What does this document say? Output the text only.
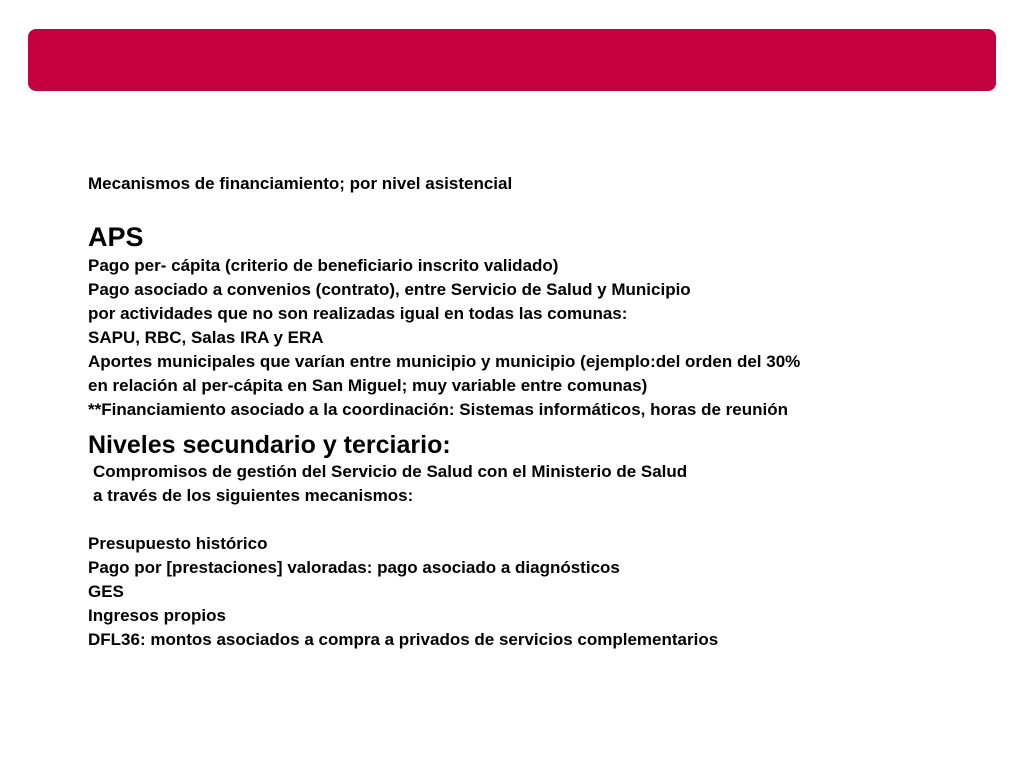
Mecanismos de financiamiento; por nivel asistencial

APS

Pago per- cápita (criterio de beneficiario inscrito validado)

Pago asociado a convenios (contrato), entre Servicio de Salud y Municipio

por actividades que no son realizadas igual en todas las comunas:

SAPU, RBC, Salas IRA y ERA

Aportes municipales que varían entre municipio y municipio (ejemplo:del orden del 30%

en relación al per-cápita en San Miguel; muy variable entre comunas)

**Financiamiento asociado a la coordinación: Sistemas informáticos, horas de reunión

Niveles secundario y terciario:

Compromisos de gestión del Servicio de Salud con el Ministerio de Salud

a través de los siguientes mecanismos:

Presupuesto histórico

Pago por [prestaciones] valoradas: pago asociado a diagnósticos

GES

Ingresos propios

DFL36: montos asociados a compra a privados de servicios complementarios
